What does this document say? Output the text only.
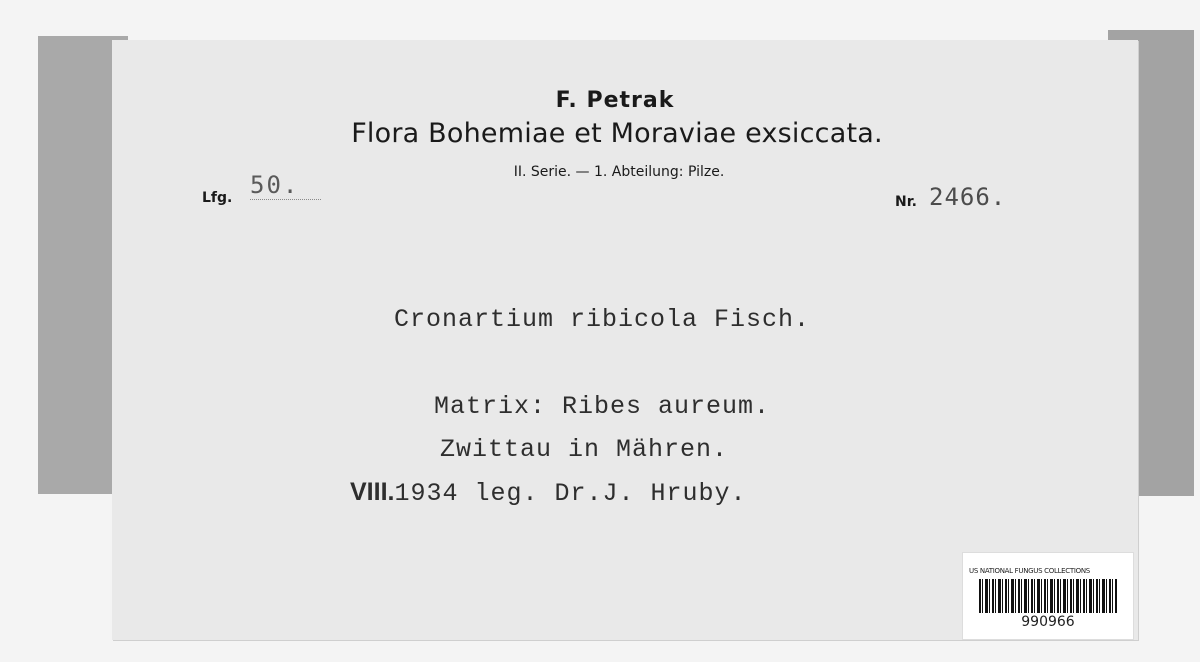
F. Petrak
Flora Bohemiae et Moraviae exsiccata.
II. Serie. — 1. Abteilung: Pilze.
Lfg. 50.
Nr. 2466.
Cronartium ribicola Fisch.
Matrix: Ribes aureum.
Zwittau in Mähren.
VIII.1934 leg. Dr.J. Hruby.
US NATIONAL FUNGUS COLLECTIONS
990966
